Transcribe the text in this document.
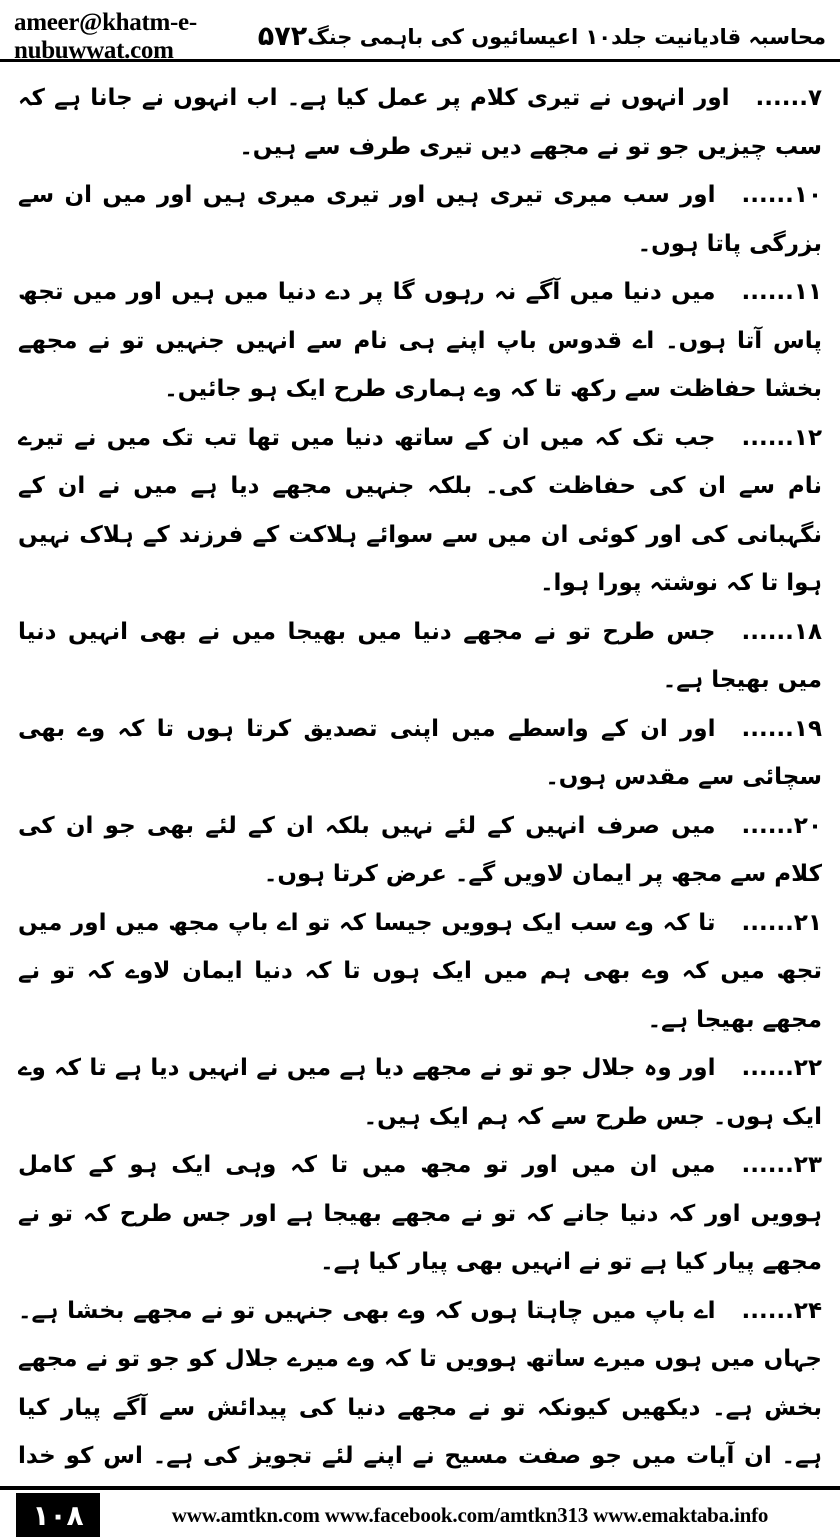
ameer@khatm-e-nubuwwat.com	۵۷۲ محاسبہ قادیانیت جلد۱۰ اعیسائیوں کی باہمی جنگ

۷......اور انہوں نے تیری کلام پر عمل کیا ہے۔ اب انہوں نے جانا ہے کہ سب چیزیں جو تو نے مجھے دیں تیری طرف سے ہیں۔

۱۰......اور سب میری تیری ہیں اور تیری میری ہیں اور میں ان سے بزرگی پاتا ہوں۔

۱۱......میں دنیا میں آگے نہ رہوں گا پر دے دنیا میں ہیں اور میں تجھ پاس آتا ہوں۔ اے قدوس باپ اپنے ہی نام سے انہیں جنہیں تو نے مجھے بخشا حفاظت سے رکھ تا کہ وے ہماری طرح ایک ہو جائیں۔

۱۲......جب تک کہ میں ان کے ساتھ دنیا میں تھا تب تک میں نے تیرے نام سے ان کی حفاظت کی۔ بلکہ جنہیں مجھے دیا ہے میں نے ان کے نگہبانی کی اور کوئی ان میں سے سوائے ہلاکت کے فرزند کے ہلاک نہیں ہوا تا کہ نوشتہ پورا ہوا۔

۱۸......جس طرح تو نے مجھے دنیا میں بھیجا میں نے بھی انہیں دنیا میں بھیجا ہے۔

۱۹......اور ان کے واسطے میں اپنی تصدیق کرتا ہوں تا کہ وے بھی سچائی سے مقدس ہوں۔

۲۰......میں صرف انہیں کے لئے نہیں بلکہ ان کے لئے بھی جو ان کی کلام سے مجھ پر ایمان لاویں گے۔ عرض کرتا ہوں۔

۲۱......تا کہ وے سب ایک ہوویں جیسا کہ تو اے باپ مجھ میں اور میں تجھ میں کہ وے بھی ہم میں ایک ہوں تا کہ دنیا ایمان لاوے کہ تو نے مجھے بھیجا ہے۔

۲۲......اور وہ جلال جو تو نے مجھے دیا ہے میں نے انہیں دیا ہے تا کہ وے ایک ہوں۔ جس طرح سے کہ ہم ایک ہیں۔

۲۳......میں ان میں اور تو مجھ میں تا کہ وہی ایک ہو کے کامل ہوویں اور کہ دنیا جانے کہ تو نے مجھے بھیجا ہے اور جس طرح کہ تو نے مجھے پیار کیا ہے تو نے انہیں بھی پیار کیا ہے۔

۲۴......اے باپ میں چاہتا ہوں کہ وے بھی جنہیں تو نے مجھے بخشا ہے۔ جہاں میں ہوں میرے ساتھ ہوویں تا کہ وے میرے جلال کو جو تو نے مجھے بخش ہے۔ دیکھیں کیونکہ تو نے مجھے دنیا کی پیدائش سے آگے پیار کیا ہے۔ ان آیات میں جو صفت مسیح نے اپنے لئے تجویز کی ہے۔ اس کو خدا

۱۰۸	www.amtkn.com www.facebook.com/amtkn313 www.emaktaba.info
